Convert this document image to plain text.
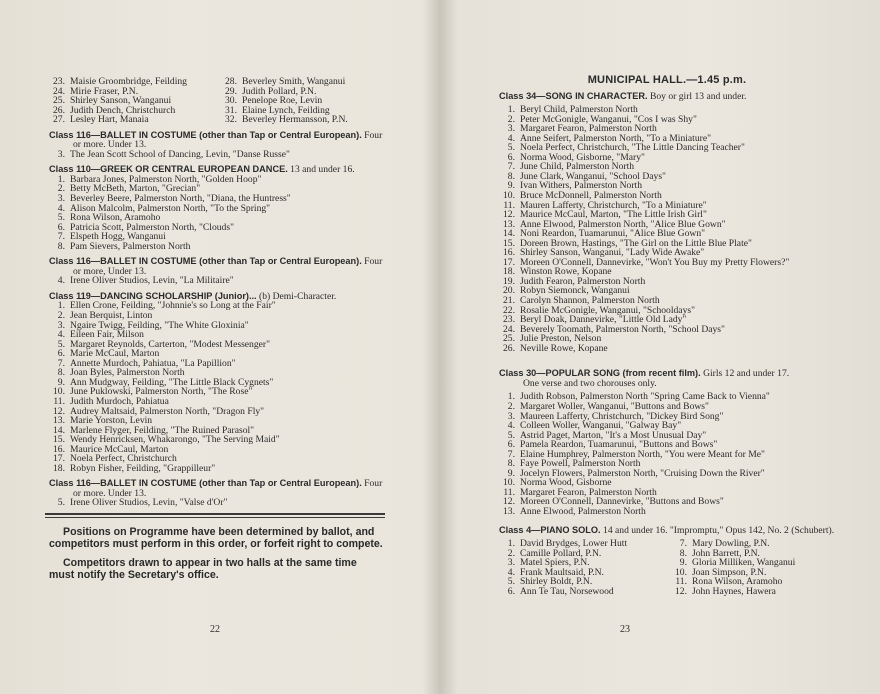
23. Maisie Groombridge, Feilding	28. Beverley Smith, Wanganui
24. Mirie Fraser, P.N.	29. Judith Pollard, P.N.
25. Shirley Sanson, Wanganui	30. Penelope Roe, Levin
26. Judith Dench, Christchurch	31. Elaine Lynch, Feilding
27. Lesley Hart, Manaia	32. Beverley Hermansson, P.N.
Class 116—BALLET IN COSTUME (other than Tap or Central European). Four or more. Under 13.
3. The Jean Scott School of Dancing, Levin, "Danse Russe"
Class 110—GREEK OR CENTRAL EUROPEAN DANCE. 13 and under 16.
1. Barbara Jones, Palmerston North, "Golden Hoop"
2. Betty McBeth, Marton, "Grecian"
3. Beverley Beere, Palmerston North, "Diana, the Huntress"
4. Alison Malcolm, Palmerston North, "To the Spring"
5. Rona Wilson, Aramoho
6. Patricia Scott, Palmerston North, "Clouds"
7. Elspeth Hogg, Wanganui
8. Pam Sievers, Palmerston North
Class 116—BALLET IN COSTUME (other than Tap or Central European). Four or more, Under 13.
4. Irene Oliver Studios, Levin, "La Militaire"
Class 119—DANCING SCHOLARSHIP (Junior)... (b) Demi-Character.
1. Ellen Crone, Feilding, "Johnnie's so Long at the Fair"
2. Jean Berquist, Linton
3. Ngaire Twigg, Feilding, "The White Gloxinia"
4. Eileen Fair, Milson
5. Margaret Reynolds, Carterton, "Modest Messenger"
6. Marie McCaul, Marton
7. Annette Murdoch, Pahiatua, "La Papillion"
8. Joan Byles, Palmerston North
9. Ann Mudgway, Feilding, "The Little Black Cygnets"
10. June Puklowski, Palmerston North, "The Rose"
11. Judith Murdoch, Pahiatua
12. Audrey Maltsaid, Palmerston North, "Dragon Fly"
13. Marie Yorston, Levin
14. Marlene Flyger, Feilding, "The Ruined Parasol"
15. Wendy Henricksen, Whakarongo, "The Serving Maid"
16. Maurice McCaul, Marton
17. Noela Perfect, Christchurch
18. Robyn Fisher, Feilding, "Grappilleur"
Class 116—BALLET IN COSTUME (other than Tap or Central European). Four or more. Under 13.
5. Irene Oliver Studios, Levin, "Valse d'Or"

Positions on Programme have been determined by ballot, and competitors must perform in this order, or forfeit right to compete.

Competitors drawn to appear in two halls at the same time must notify the Secretary's office.

22
MUNICIPAL HALL.—1.45 p.m.
Class 34—SONG IN CHARACTER. Boy or girl 13 and under.
1. Beryl Child, Palmerston North
2. Peter McGonigle, Wanganui, "Cos I was Shy"
3. Margaret Fearon, Palmerston North
4. Anne Seifert, Palmerston North, "To a Miniature"
5. Noela Perfect, Christchurch, "The Little Dancing Teacher"
6. Norma Wood, Gisborne, "Mary"
7. June Child, Palmerston North
8. June Clark, Wanganui, "School Days"
9. Ivan Withers, Palmerston North
10. Bruce McDonnell, Palmerston North
11. Mauren Lafferty, Christchurch, "To a Miniature"
12. Maurice McCaul, Marton, "The Little Irish Girl"
13. Anne Elwood, Palmerston North, "Alice Blue Gown"
14. Noni Reardon, Tuamarunui, "Alice Blue Gown"
15. Doreen Brown, Hastings, "The Girl on the Little Blue Plate"
16. Shirley Sanson, Wanganui, "Lady Wide Awake"
17. Moreen O'Connell, Dannevirke, "Won't You Buy my Pretty Flowers?"
18. Winston Rowe, Kopane
19. Judith Fearon, Palmerston North
20. Robyn Siemonck, Wanganui
21. Carolyn Shannon, Palmerston North
22. Rosalie McGonigle, Wanganui, "Schooldays"
23. Beryl Doak, Dannevirke, "Little Old Lady"
24. Beverely Toomath, Palmerston North, "School Days"
25. Julie Preston, Nelson
26. Neville Rowe, Kopane
Class 30—POPULAR SONG (from recent film). Girls 12 and under 17.
One verse and two chorouses only.
1. Judith Robson, Palmerston North "Spring Came Back to Vienna"
2. Margaret Woller, Wanganui, "Buttons and Bows"
3. Maureen Lafferty, Christchurch, "Dickey Bird Song"
4. Colleen Woller, Wanganui, "Galway Bay"
5. Astrid Paget, Marton, "It's a Most Unusual Day"
6. Pamela Reardon, Tuamarunui, "Buttons and Bows"
7. Elaine Humphrey, Palmerston North, "You were Meant for Me"
8. Faye Powell, Palmerston North
9. Jocelyn Flowers, Palmerston North, "Cruising Down the River"
10. Norma Wood, Gisborne
11. Margaret Fearon, Palmerston North
12. Moreen O'Connell, Dannevirke, "Buttons and Bows"
13. Anne Elwood, Palmerston North
Class 4—PIANO SOLO. 14 and under 16. "Impromptu," Opus 142, No. 2 (Schubert).
1. David Brydges, Lower Hutt	7. Mary Dowling, P.N.
2. Camille Pollard, P.N.	8. John Barrett, P.N.
3. Matel Spiers, P.N.	9. Gloria Milliken, Wanganui
4. Frank Maultsaid, P.N.	10. Joan Simpson, P.N.
5. Shirley Boldt, P.N.	11. Rona Wilson, Aramoho
6. Ann Te Tau, Norsewood	12. John Haynes, Hawera
23
